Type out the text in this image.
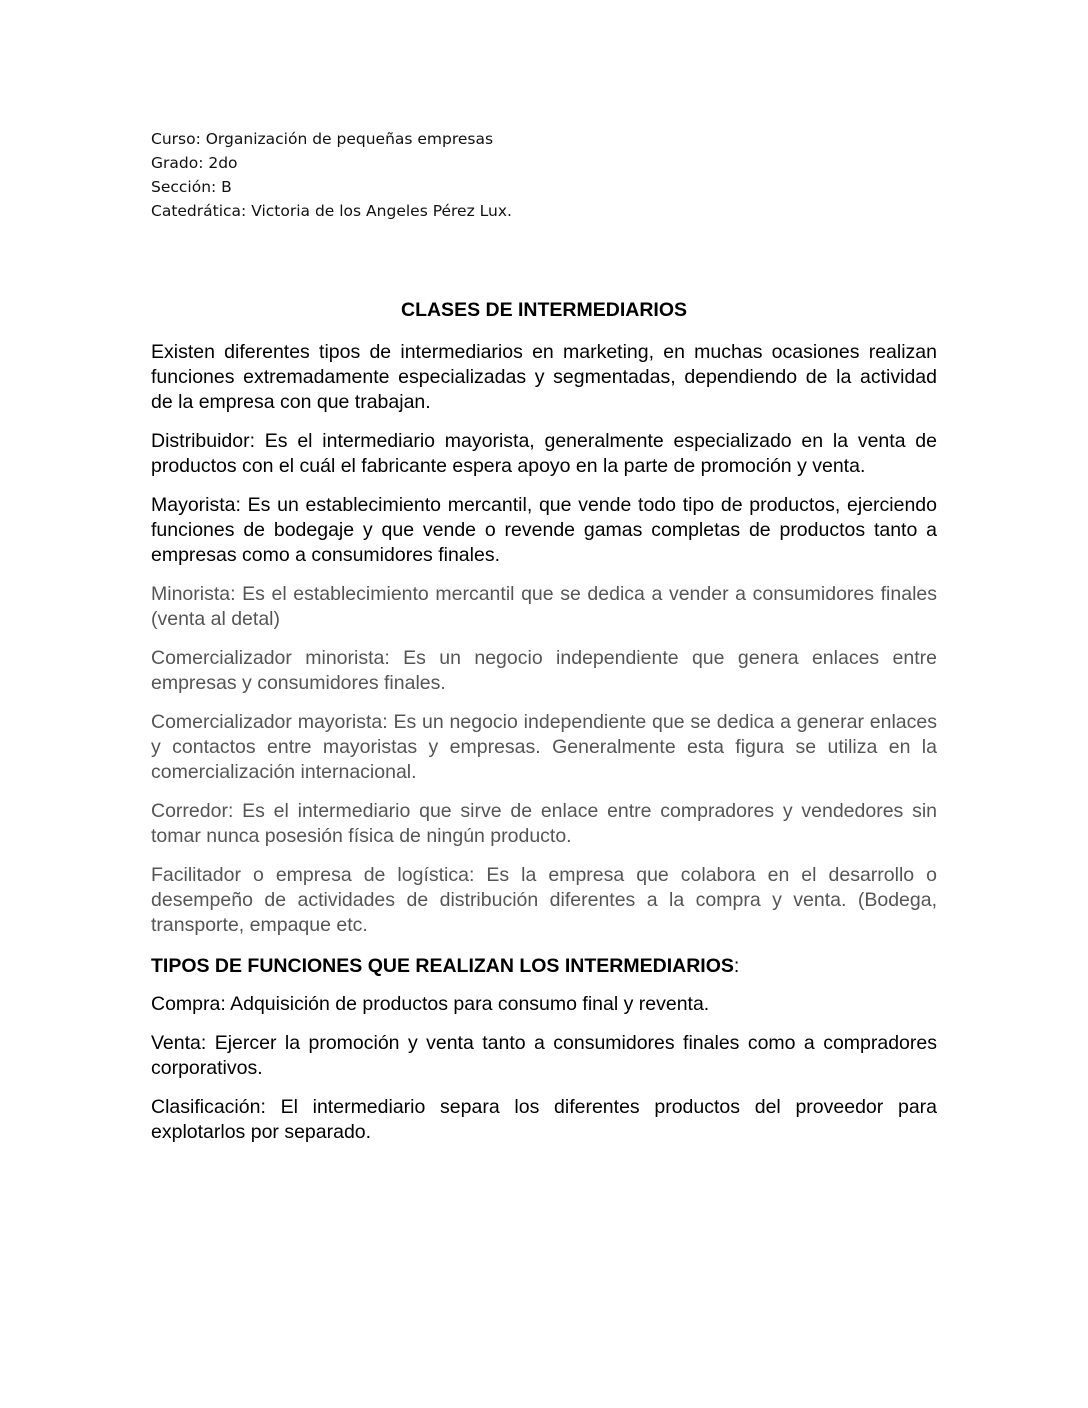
Curso: Organización de pequeñas empresas
Grado: 2do
Sección: B
Catedrática: Victoria de los Angeles Pérez Lux.
CLASES DE INTERMEDIARIOS

Existen diferentes tipos de intermediarios en marketing, en muchas ocasiones realizan funciones extremadamente especializadas y segmentadas, dependiendo de la actividad de la empresa con que trabajan.

Distribuidor: Es el intermediario mayorista, generalmente especializado en la venta de productos con el cuál el fabricante espera apoyo en la parte de promoción y venta.

Mayorista: Es un establecimiento mercantil, que vende todo tipo de productos, ejerciendo funciones de bodegaje y que vende o revende gamas completas de productos tanto a empresas como a consumidores finales.

Minorista: Es el establecimiento mercantil que se dedica a vender a consumidores finales (venta al detal)

Comercializador minorista: Es un negocio independiente que genera enlaces entre empresas y consumidores finales.

Comercializador mayorista: Es un negocio independiente que se dedica a generar enlaces y contactos entre mayoristas y empresas. Generalmente esta figura se utiliza en la comercialización internacional.

Corredor: Es el intermediario que sirve de enlace entre compradores y vendedores sin tomar nunca posesión física de ningún producto.

Facilitador o empresa de logística: Es la empresa que colabora en el desarrollo o desempeño de actividades de distribución diferentes a la compra y venta. (Bodega, transporte, empaque etc.

TIPOS DE FUNCIONES QUE REALIZAN LOS INTERMEDIARIOS:

Compra: Adquisición de productos para consumo final y reventa.

Venta: Ejercer la promoción y venta tanto a consumidores finales como a compradores corporativos.

Clasificación: El intermediario separa los diferentes productos del proveedor para explotarlos por separado.
